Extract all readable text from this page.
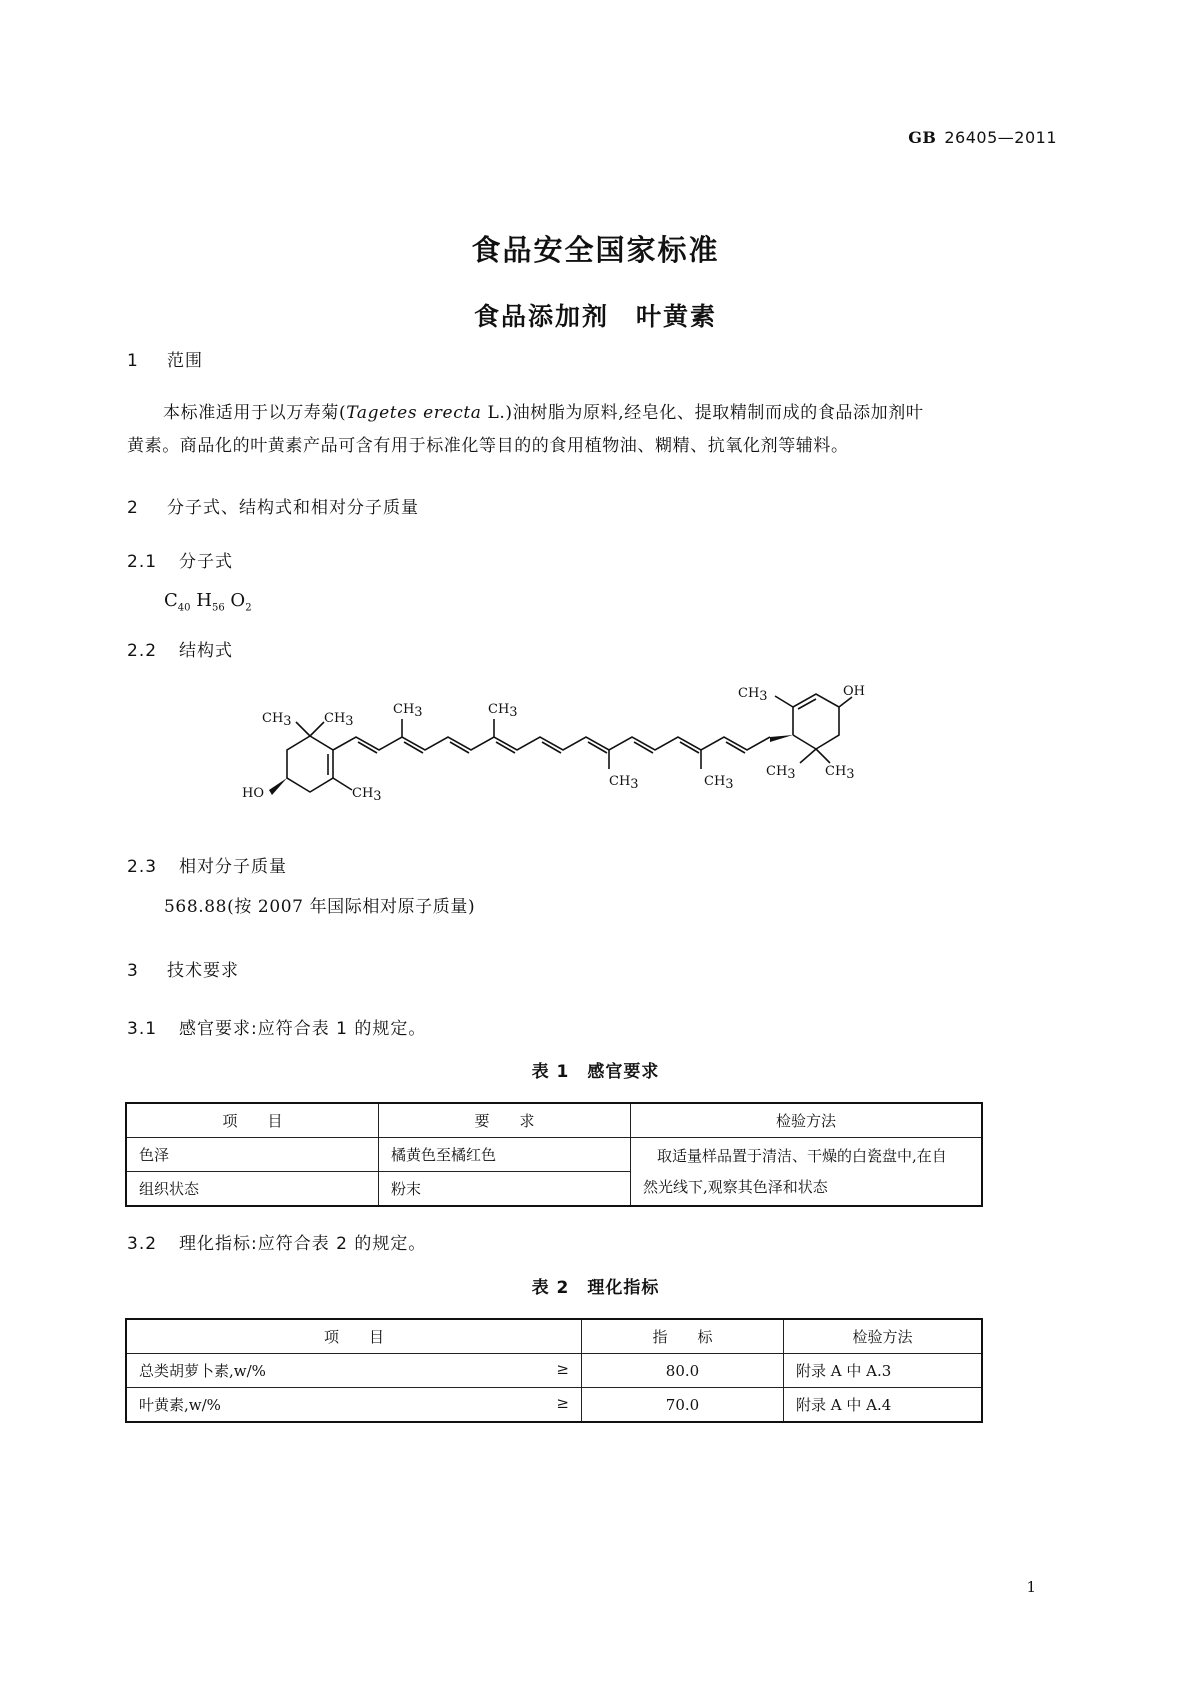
GB 26405—2011
食品安全国家标准
食品添加剂　叶黄素
1 范围
本标准适用于以万寿菊(Tagetes erecta L.)油树脂为原料,经皂化、提取精制而成的食品添加剂叶
黄素。商品化的叶黄素产品可含有用于标准化等目的的食用植物油、糊精、抗氧化剂等辅料。
2 分子式、结构式和相对分子质量
2.1 分子式
$C_{40}$ $H_{56}$ $O_2$
2.2 结构式
CH3 CH3
CH3
HO
CH3	CH3
CH3	CH3
CH3	OH
CH3 CH3
2.3 相对分子质量
568.88(按 2007 年国际相对原子质量)
3 技术要求
3.1 感官要求:应符合表 1 的规定。
表 1　感官要求
项　　目	要　　求	检验方法
色泽	橘黄色至橘红色	取适量样品置于清洁、干燥的白瓷盘中,在自
然光线下,观察其色泽和状态

组织状态	粉末	
3.2 理化指标:应符合表 2 的规定。
表 2　理化指标
项　　目	指　　标	检验方法
总类胡萝卜素,w/% ≥	80.0	附录 A 中 A.3
叶黄素,w/% ≥	70.0	附录 A 中 A.4
1
